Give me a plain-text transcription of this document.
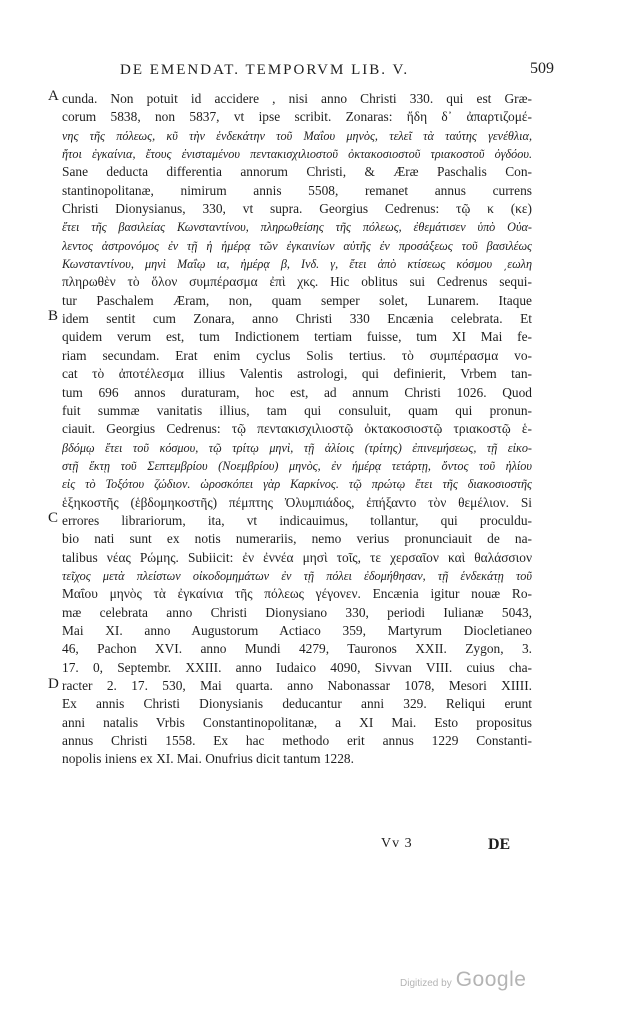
DE EMENDAT. TEMPORVM LIB. V.	509
A
B
C
D
cunda. Non potuit id accidere , nisi anno Christi 330. qui est Græ-
corum 5838, non 5837, vt ipse scribit. Zonaras: ἤδη δ᾽ ἀπαρτιζομέ-
νης τῆς πόλεως, κῦ τὴν ἑνδεκάτην τοῦ Μαΐου μηνὸς, τελεῖ τὰ ταύτης γενέθλια,
ἤτοι ἐγκαίνια, ἔτους ἐνισταμένου πεντακισχιλιοστοῦ ὀκτακοσιοστοῦ τριακοστοῦ ὀγδόου.
Sane deducta differentia annorum Christi, & Æræ Paschalis Con-
stantinopolitanæ, nimirum annis 5508, remanet annus currens
Christi Dionysianus, 330, vt supra. Georgius Cedrenus: τῷ κ (κε)
ἔτει τῆς βασιλείας Κωνσταντίνου, πληρωθείσης τῆς πόλεως, ἐθεμάτισεν ὑπὸ Οὐα-
λεντος ἀστρονόμος ἐν τῇ ἡ ἡμέρᾳ τῶν ἐγκαινίων αὐτῆς ἐν προσάξεως τοῦ βασιλέως
Κωνσταντίνου, μηνὶ Μαΐῳ ια, ἡμέρᾳ β, Ινδ. γ, ἔτει ἀπὸ κτίσεως κόσμου ͵εωλη
πληρωθὲν τὸ ὅλον συμπέρασμα ἐπὶ χκς. Hic oblitus sui Cedrenus sequi-
tur Paschalem Æram, non, quam semper solet, Lunarem. Itaque
idem sentit cum Zonara, anno Christi 330 Encænia celebrata. Et
quidem verum est, tum Indictionem tertiam fuisse, tum XI Mai fe-
riam secundam. Erat enim cyclus Solis tertius. τὸ συμπέρασμα vo-
cat τὸ ἀποτέλεσμα illius Valentis astrologi, qui definierit, Vrbem tan-
tum 696 annos duraturam, hoc est, ad annum Christi 1026. Quod
fuit summæ vanitatis illius, tam qui consuluit, quam qui pronun-
ciauit. Georgius Cedrenus: τῷ πεντακισχιλιοστῷ ὀκτακοσιοστῷ τριακοστῷ ἑ-
βδόμῳ ἔτει τοῦ κόσμου, τῷ τρίτῳ μηνὶ, τῇ ἁλίοις (τρίτης) ἐπινεμήσεως, τῇ εἰκο-
στῇ ἕκτῃ τοῦ Σεπτεμβρίου (Νοεμβρίου) μηνὸς, ἐν ἡμέρᾳ τετάρτῃ, ὄντος τοῦ ἡλίου
εἰς τὸ Τοξότου ζώδιον. ὡροσκόπει γὰρ Καρκίνος. τῷ πρώτῳ ἔτει τῆς διακοσιοστῆς
ἑξηκοστῆς (ἑβδομηκοστῆς) πέμπτης Ὀλυμπιάδος, ἐπήξαντο τὸν θεμέλιον. Si
errores librariorum, ita, vt indicauimus, tollantur, qui proculdu-
bio nati sunt ex notis numerariis, nemo verius pronunciauit de na-
talibus νέας Ρώμης. Subiicit: ἐν ἐννέα μησὶ τοῖς, τε χερσαῖον καὶ θαλάσσιον
τεῖχος μετὰ πλείστων οἰκοδομημάτων ἐν τῇ πόλει ἐδομήθησαν, τῇ ἑνδεκάτῃ τοῦ
Μαΐου μηνὸς τὰ ἐγκαίνια τῆς πόλεως γέγονεν. Encænia igitur nouæ Ro-
mæ celebrata anno Christi Dionysiano 330, periodi Iulianæ 5043,
Mai XI. anno Augustorum Actiaco 359, Martyrum Diocletianeo
46, Pachon XVI. anno Mundi 4279, Tauronos XXII. Zygon, 3.
17. 0, Septembr. XXIII. anno Iudaico 4090, Sivvan VIII. cuius cha-
racter 2. 17. 530, Mai quarta. anno Nabonassar 1078, Mesori XIIII.
Ex annis Christi Dionysianis deducantur anni 329. Reliqui erunt
anni natalis Vrbis Constantinopolitanæ, a XI Mai. Esto propositus
annus Christi 1558. Ex hac methodo erit annus 1229 Constanti-
nopolis iniens ex XI. Mai. Onufrius dicit tantum 1228.
Vv 3	DE
Digitized by Google
